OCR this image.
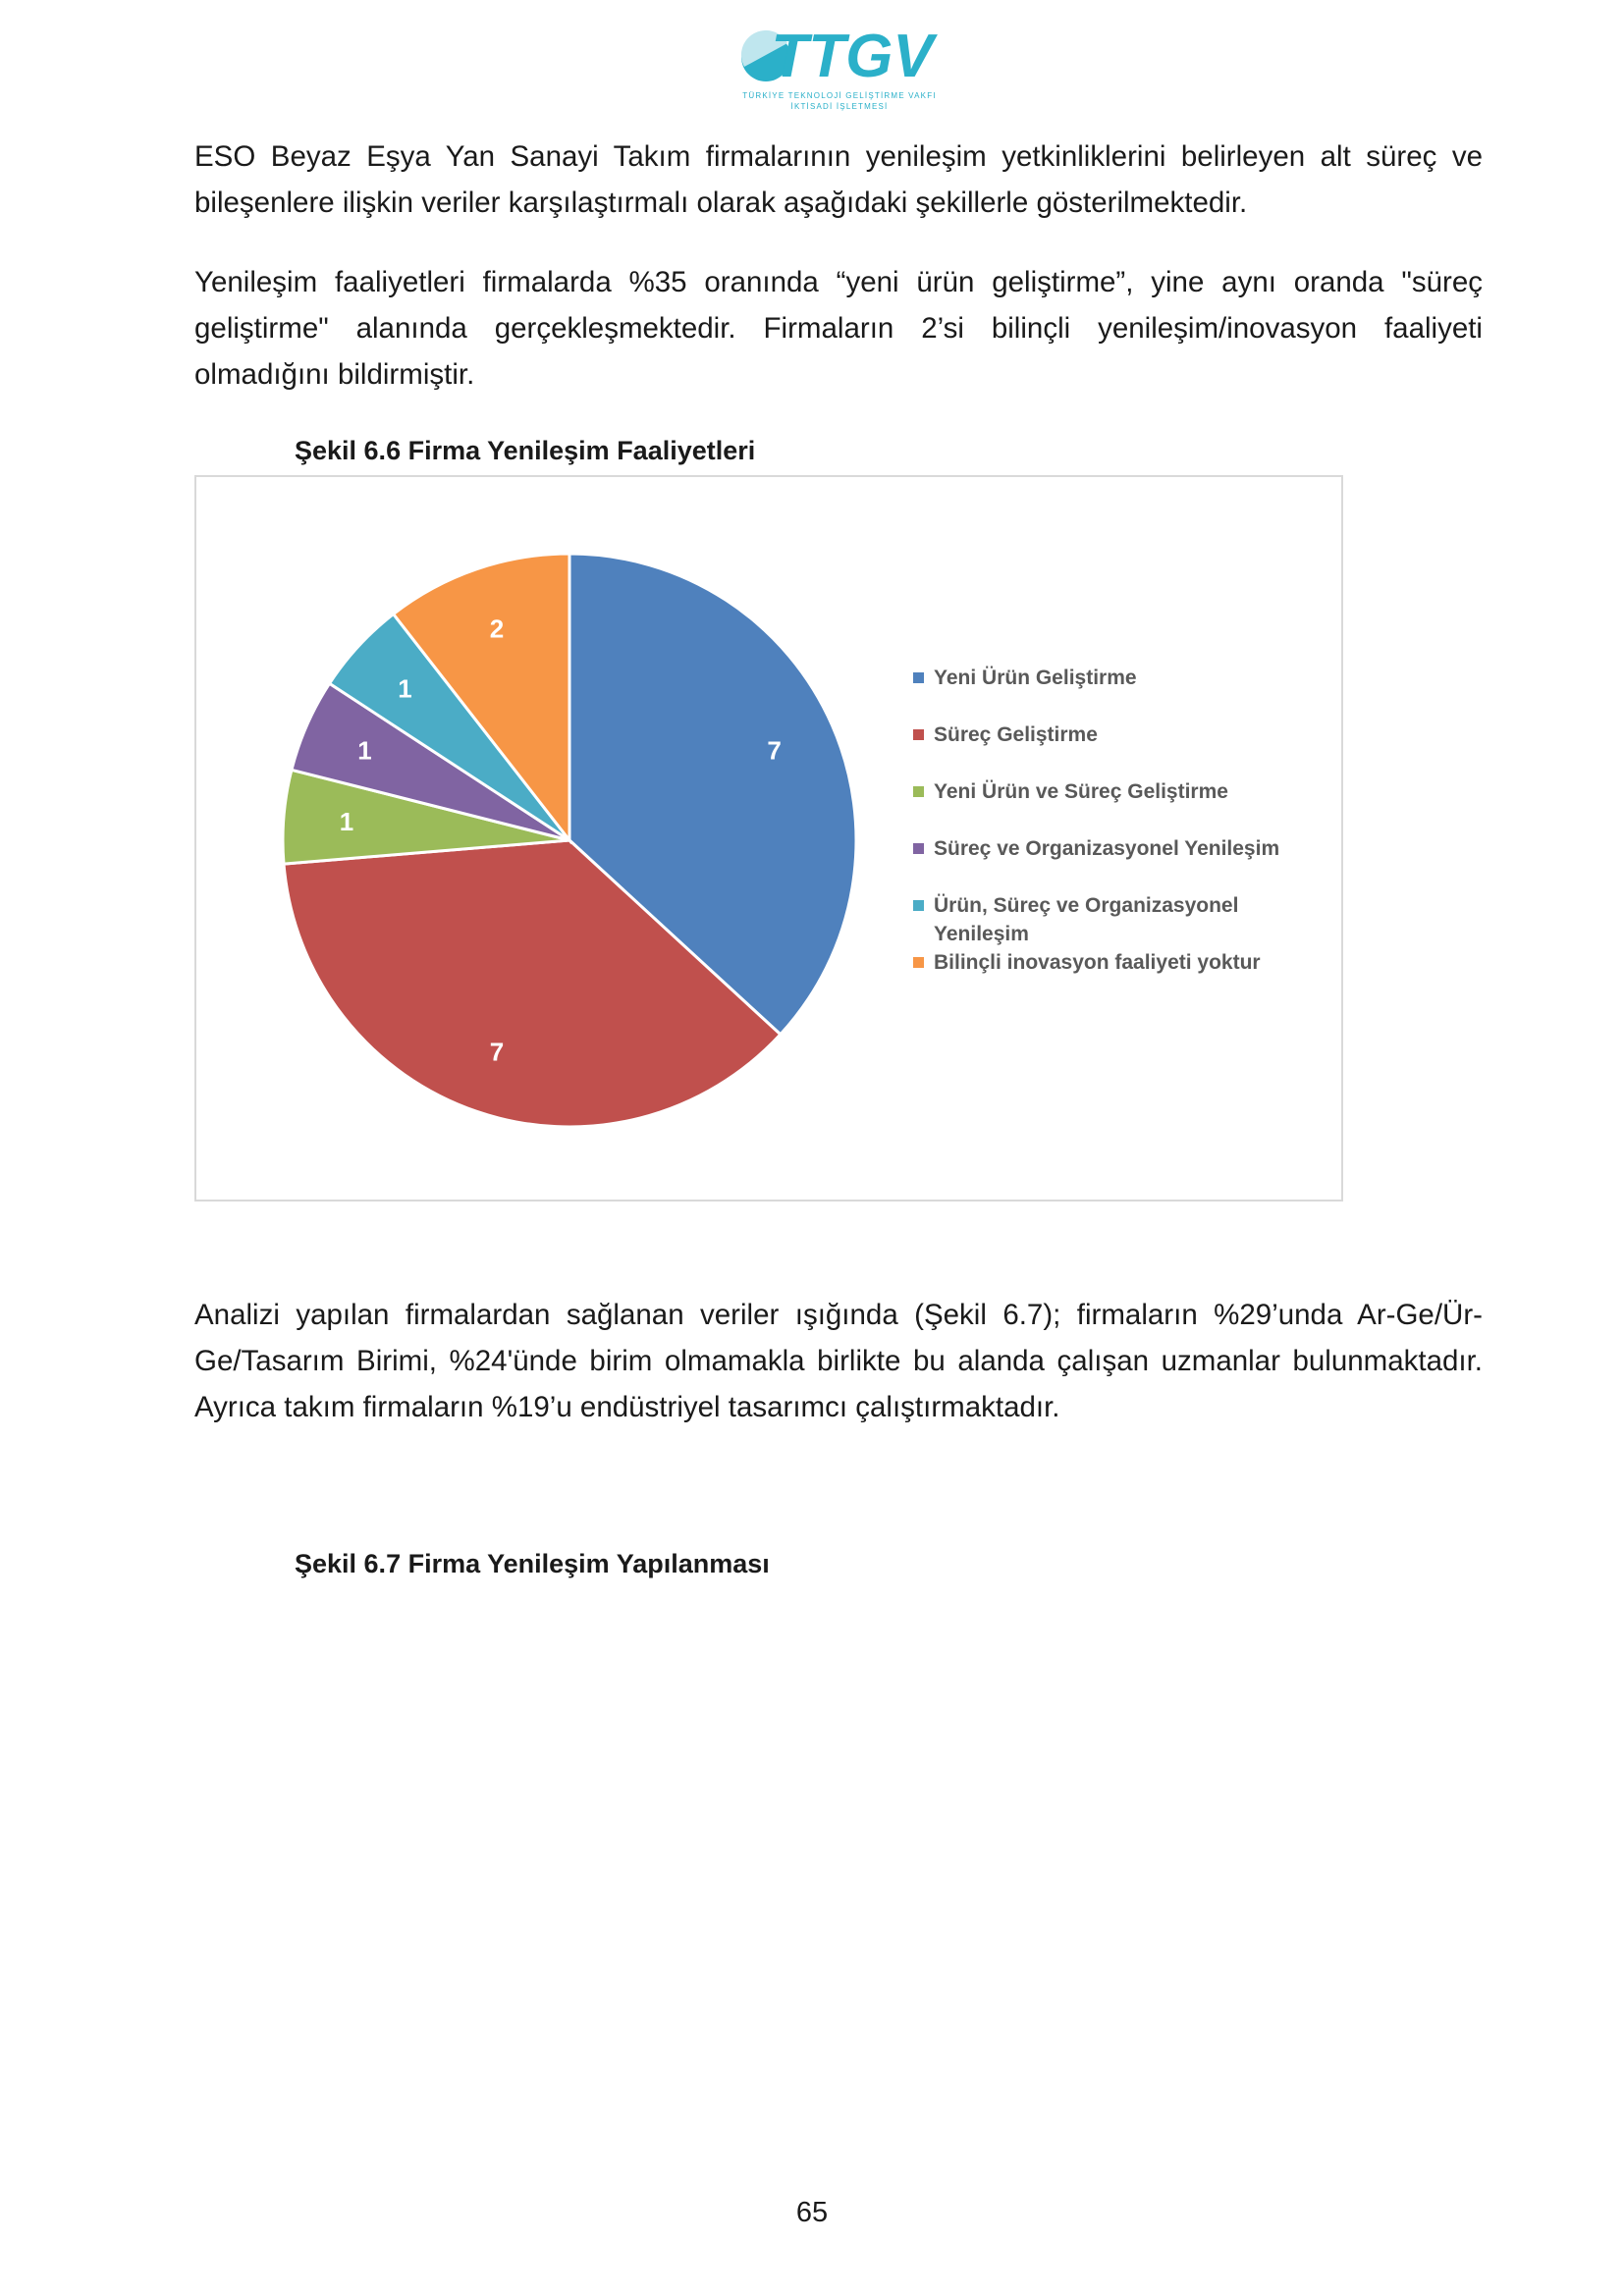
TTGV
TÜRKİYE TEKNOLOJİ GELİŞTİRME VAKFI
İKTİSADİ İŞLETMESİ

ESO Beyaz Eşya Yan Sanayi Takım firmalarının yenileşim yetkinliklerini belirleyen alt süreç ve bileşenlere ilişkin veriler karşılaştırmalı olarak aşağıdaki şekillerle gösterilmektedir.

Yenileşim faaliyetleri firmalarda %35 oranında “yeni ürün geliştirme”, yine aynı oranda "süreç geliştirme" alanında gerçekleşmektedir. Firmaların 2’si bilinçli yenileşim/inovasyon faaliyeti olmadığını bildirmiştir.

Şekil 6.6 Firma Yenileşim Faaliyetleri

7
7
1
1
1
2
Yeni Ürün Geliştirme
Süreç Geliştirme
Yeni Ürün ve Süreç Geliştirme
Süreç ve Organizasyonel Yenileşim
Ürün, Süreç ve Organizasyonel Yenileşim
Bilinçli inovasyon faaliyeti yoktur

Analizi yapılan firmalardan sağlanan veriler ışığında (Şekil 6.7); firmaların %29’unda Ar-Ge/Ür-Ge/Tasarım Birimi, %24'ünde birim olmamakla birlikte bu alanda çalışan uzmanlar bulunmaktadır. Ayrıca takım firmaların %19’u endüstriyel tasarımcı çalıştırmaktadır.

Şekil 6.7 Firma Yenileşim Yapılanması

65
